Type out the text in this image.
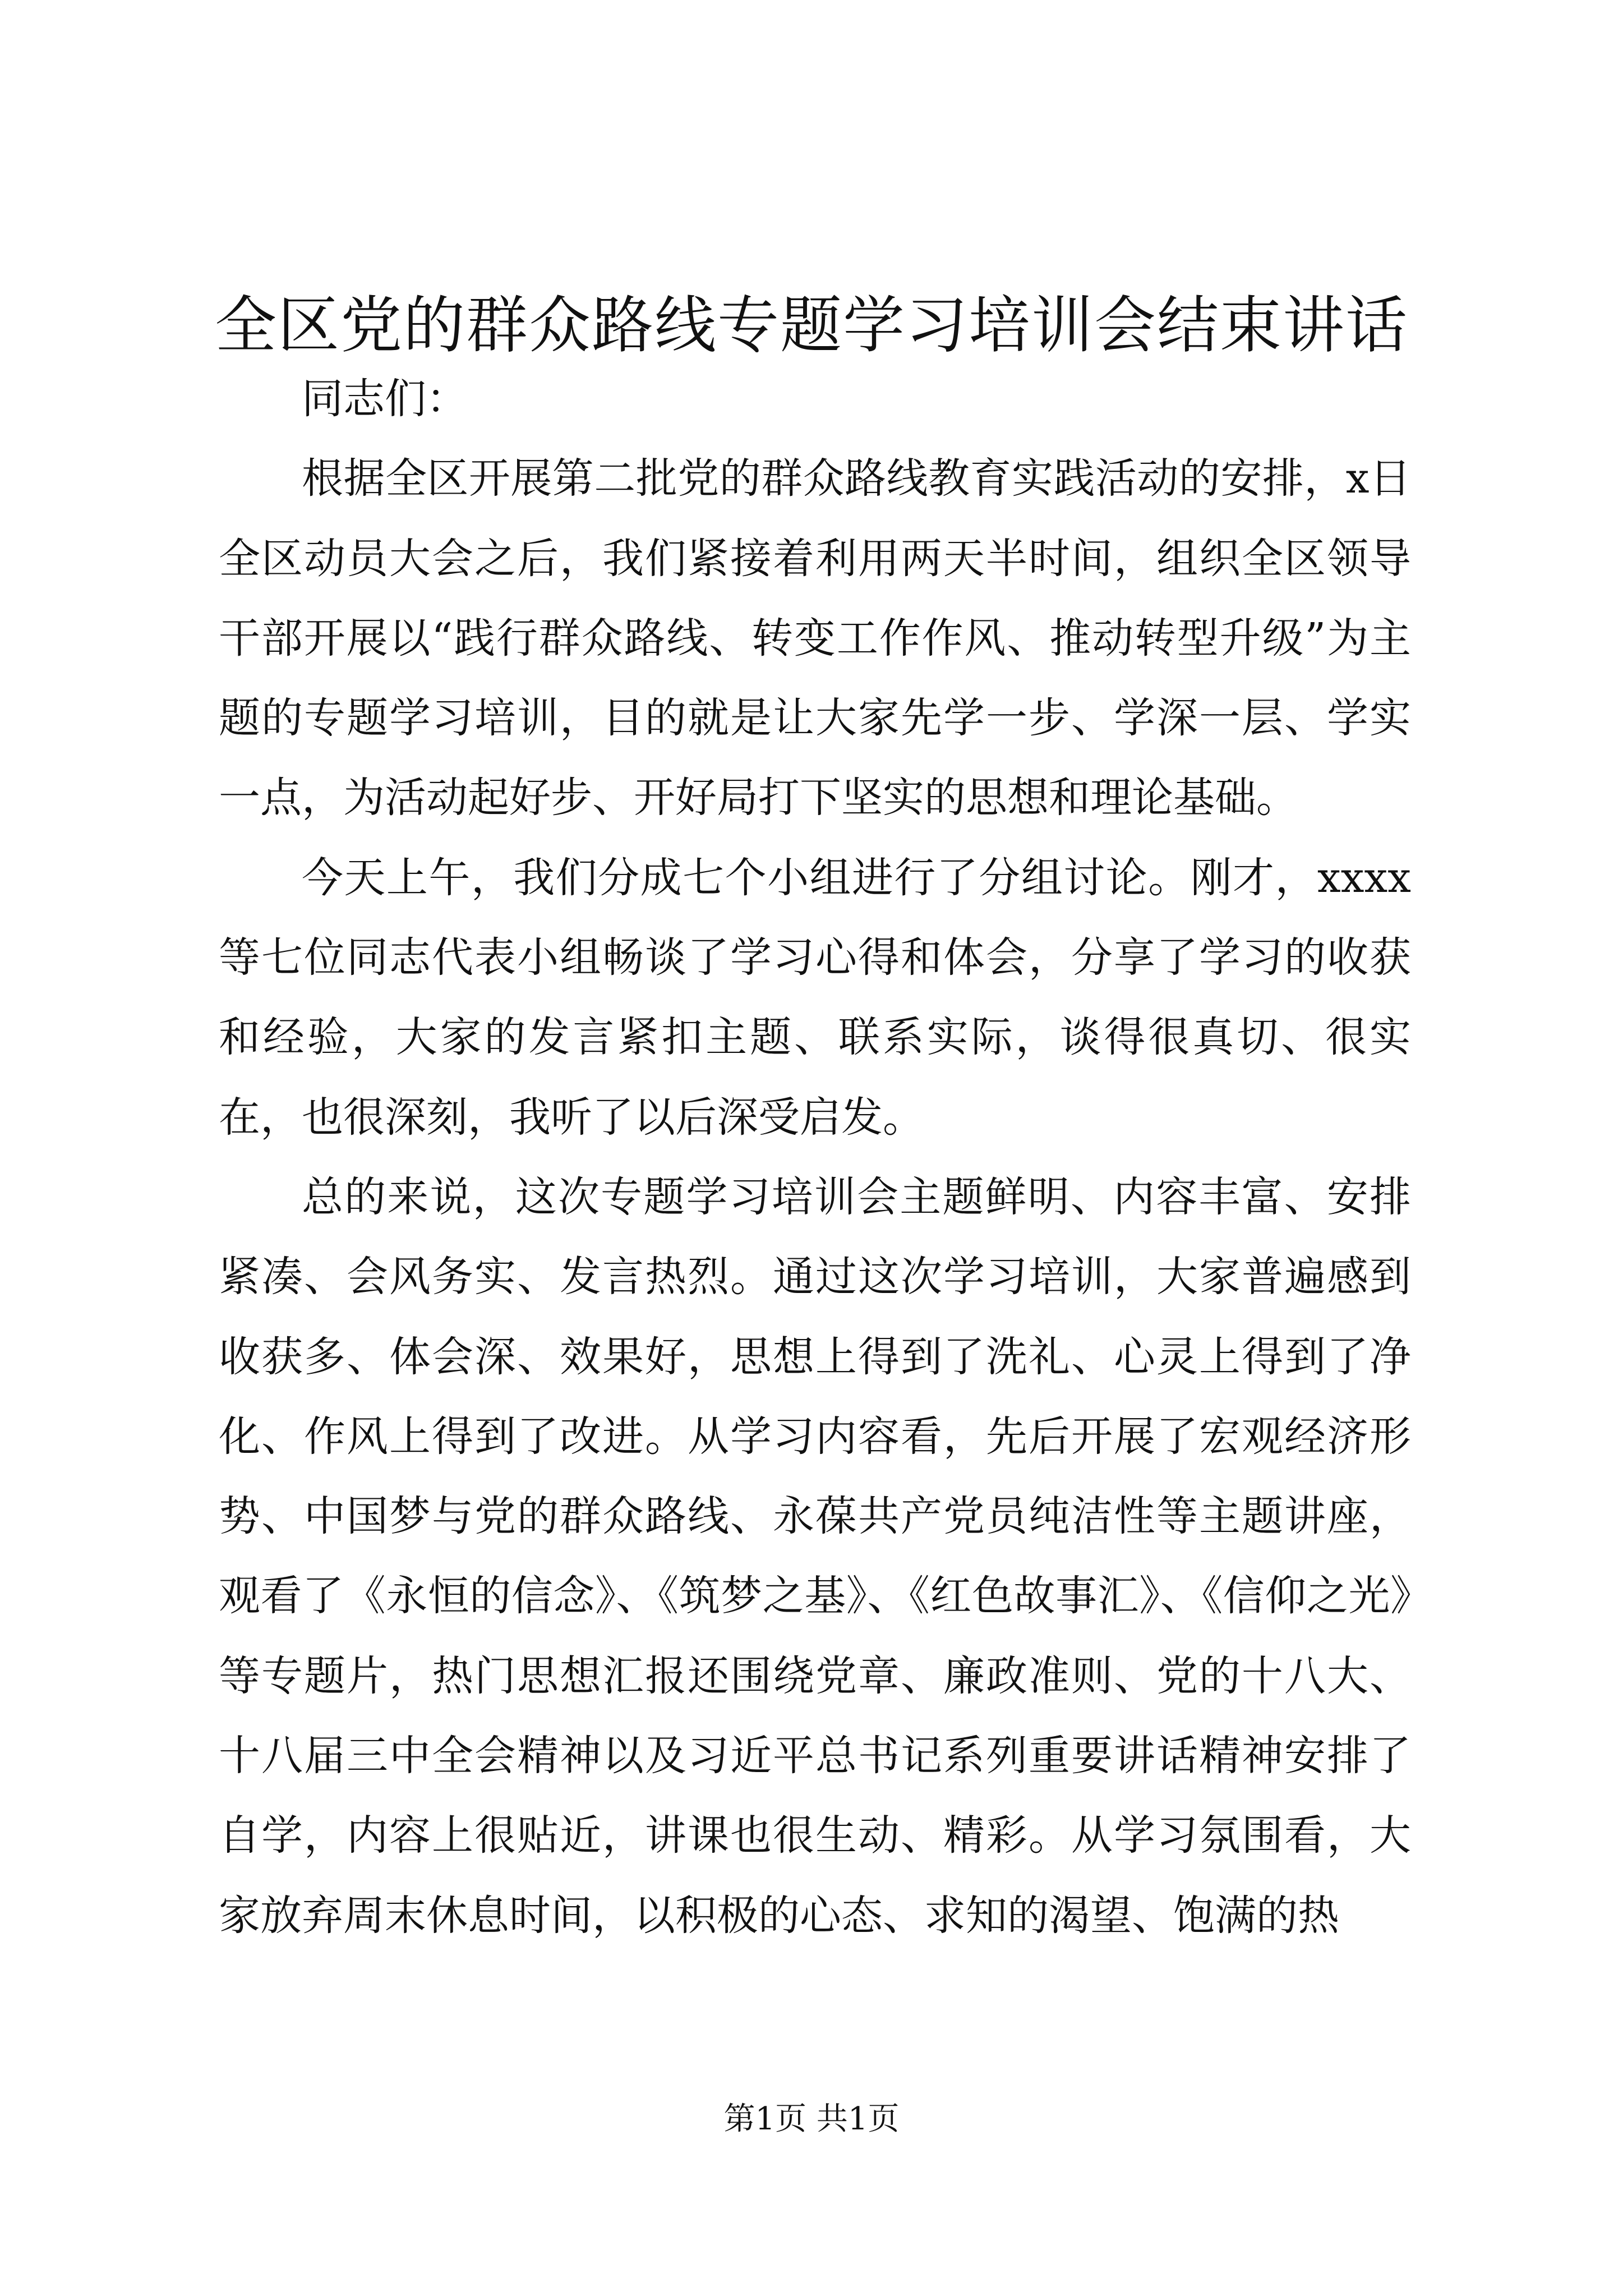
全区党的群众路线专题学习培训会结束讲话

同志们：

根据全区开展第二批党的群众路线教育实践活动的安排，x日全区动员大会之后，我们紧接着利用两天半时间，组织全区领导干部开展以“践行群众路线、转变工作作风、推动转型升级”为主题的专题学习培训，目的就是让大家先学一步、学深一层、学实一点，为活动起好步、开好局打下坚实的思想和理论基础。

今天上午，我们分成七个小组进行了分组讨论。刚才，xxxx等七位同志代表小组畅谈了学习心得和体会，分享了学习的收获和经验，大家的发言紧扣主题、联系实际，谈得很真切、很实在，也很深刻，我听了以后深受启发。

总的来说，这次专题学习培训会主题鲜明、内容丰富、安排紧凑、会风务实、发言热烈。通过这次学习培训，大家普遍感到收获多、体会深、效果好，思想上得到了洗礼、心灵上得到了净化、作风上得到了改进。从学习内容看，先后开展了宏观经济形势、中国梦与党的群众路线、永葆共产党员纯洁性等主题讲座，观看了《永恒的信念》、《筑梦之基》、《红色故事汇》、《信仰之光》等专题片，热门思想汇报还围绕党章、廉政准则、党的十八大、十八届三中全会精神以及习近平总书记系列重要讲话精神安排了自学，内容上很贴近，讲课也很生动、精彩。从学习氛围看，大家放弃周末休息时间，以积极的心态、求知的渴望、饱满的热

第1页 共1页
